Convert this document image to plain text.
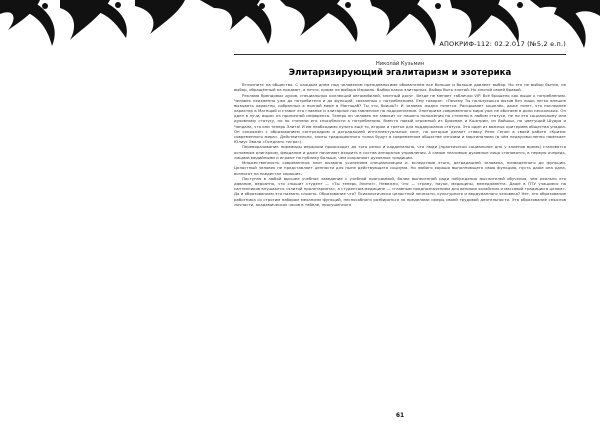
АПОКРИФ-112: 02.2.017 (№5,2 е.п.)
Никола́й Кузьмин
Элитаризирующий эгалитаризм и эзотерика

Вглянните на общество. С каждым днём над человеком преждевносимо обывателем всё больше и больше довлеет выбор. Но это не выбор бытия, не выбор, обращённый на предмет, а нечто, кроме не выбора Израиль. Выбор каких элитарных. Выбор быть элитой. Но элитой своей бравой.

Реклама брендовых духов, специальных коллекций автомобилей, элитный досуг. Везде не меняет таблички VIP. Всё брошено как выше к потреблению. Человек неизменно уже до потребителя и до функций, связанных с потреблением. Ему говорят: «Почему Ты пользуешься вызов без лишь легко внешне вызывать характер, собранных в полной мере в Магнщаб? Ты что, боишь?» И человек жадно тянется. Раскрывает кошелёк, даже тянет, что последнее характер в Магнщаб и ставит его главное и элитарное поставленное на подкрепление. Элитаризм современного мира уже не обитаем в доли нескольких. Он одел в лучи, вырос из приличной инференса. Теперь он человек не зависит от нашего положения по степени в любом статусе, не по его социальному или духовному статусу, но по степени его способности к потреблению. Вместо новый огромный из Брахман и Кшатрии, из Вайшьи, но цветущий Шудра и Чандала, что они теперь Элита! И им необходимо купить ещё то, второе и третье для поддержания статуса. Это один из важных критериев общества упадка. Он сопряжён с образованием контркадром и деградацией интеллектуальных элит, на которые делает ставку Рене Генон в своей работе «Кризис современного мира». Действительно, элиты традиционного толка будут в современном обществе изгоями и маргиналами (в чём недвусмысленно намекает Юлиус Эвола «Оседлать тигра»).

Переворачивание пирамиды иерархии происходит до того резко и кардинально, что люди (практически социальное дно у элиенов время) становятся основным олигархом, феодалом и даже начинают входить в состав аппаратов управления. А самые значимые духовные лица становятся, в первую очередь, лицами медийными и играют на публику больше, чем сохраняют духовные традиции.

Множественность современных элит вызвана усилением специализации и, вследствие этого, деградацией человека, низведённого до функции. Целостный человек не представляет ценности для ныне действующего социума. Но любого хорошо выполняющего свою функцию, пусть даже она одна, возносят на пьедестал хороших.

Поступая в любой высшее учебное заведение с учебной программой, более вынесенной ради побуждения мыслителей обучения, чем реально его давание, вероятно, что слышит студент — «Ты теперь Элита!». Невежно, что — страну, науки, медицины, менеджмента. Даже в ПТУ учащиеся на сантехников внушаются «элитой пролетариата», а студентам-медицине — «главным предназначением для великих хозяйских и массовой традиции в целом». Да и образованием это назвать сложно. Образование что? Психологически целостной личности, культурного и вердуманного человека? Нет, это образование работника со строгим набором механизм функций, неспособного разбираться за пределами сферы своей трудовой деятельности. Это образование смыслов личности, академических часов в табеле, просушенного

61
